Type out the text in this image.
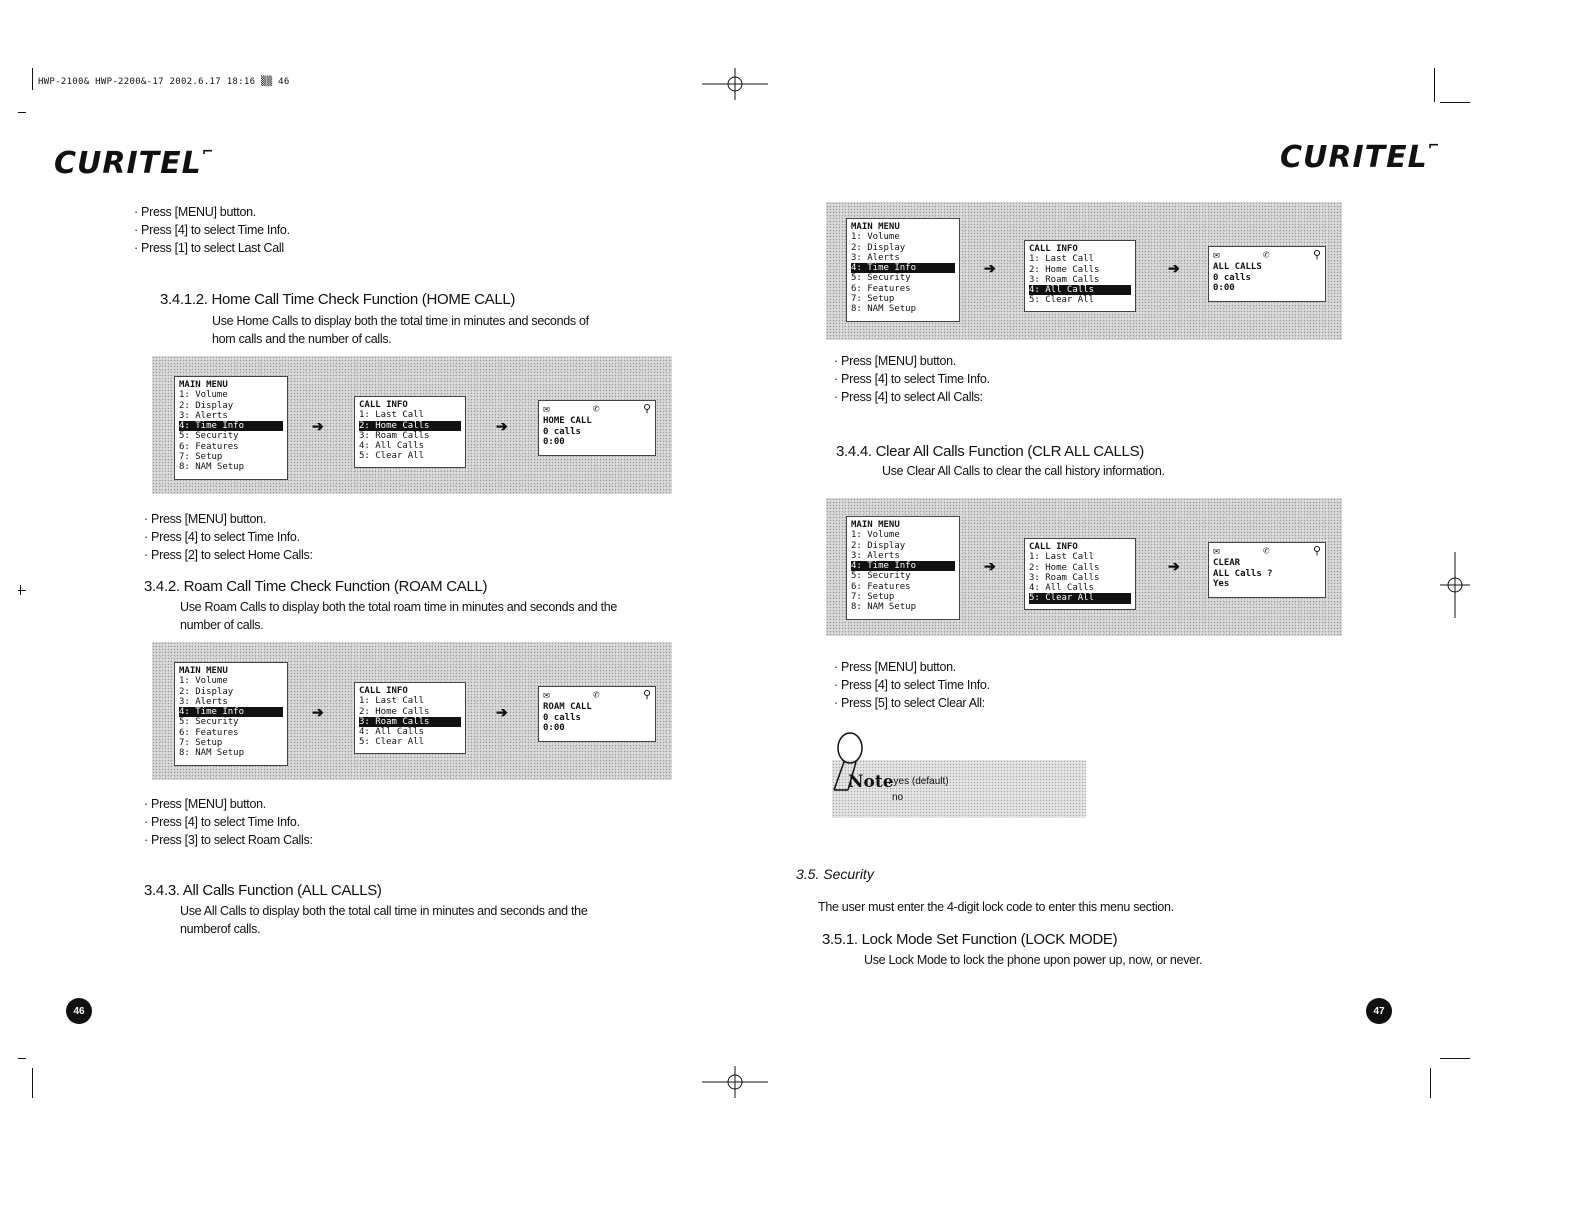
HWP-2100& HWP-2200&-17 2002.6.17 18:16 ▒▒ 46
CURITEL⌐	CURITEL⌐
· Press [MENU] button.
· Press [4] to select Time Info.
· Press [1] to select Last Call
3.4.1.2. Home Call Time Check Function (HOME CALL)
Use Home Calls to display both the total time in minutes and seconds of
hom calls and the number of calls.
MAIN MENU
1: Volume
2: Display
3: Alerts
4: Time Info
5: Security
6: Features
7: Setup
8: NAM Setup
➔
CALL INFO
1: Last Call
2: Home Calls
3: Roam Calls
4: All Calls
5: Clear All
➔
✉	✆	⚲
HOME CALL
0 calls
0:00
· Press [MENU] button.
· Press [4] to select Time Info.
· Press [2] to select Home Calls:
3.4.2. Roam Call Time Check Function (ROAM CALL)
Use Roam Calls to display both the total roam time in minutes and seconds and the
number of calls.
MAIN MENU
1: Volume
2: Display
3: Alerts
4: Time Info
5: Security
6: Features
7: Setup
8: NAM Setup
➔
CALL INFO
1: Last Call
2: Home Calls
3: Roam Calls
4: All Calls
5: Clear All
➔
✉	✆	⚲
ROAM CALL
0 calls
0:00
· Press [MENU] button.
· Press [4] to select Time Info.
· Press [3] to select Roam Calls:
3.4.3. All Calls Function (ALL CALLS)
Use All Calls to display both the total call time in minutes and seconds and the
numberof calls.
46
MAIN MENU
1: Volume
2: Display
3: Alerts
4: Time Info
5: Security
6: Features
7: Setup
8: NAM Setup
➔
CALL INFO
1: Last Call
2: Home Calls
3: Roam Calls
4: All Calls
5: Clear All
➔
✉	✆	⚲
ALL CALLS
0 calls
0:00
· Press [MENU] button.
· Press [4] to select Time Info.
· Press [4] to select All Calls:
3.4.4. Clear All Calls Function (CLR ALL CALLS)
Use Clear All Calls to clear the call history information.
MAIN MENU
1: Volume
2: Display
3: Alerts
4: Time Info
5: Security
6: Features
7: Setup
8: NAM Setup
➔
CALL INFO
1: Last Call
2: Home Calls
3: Roam Calls
4: All Calls
5: Clear All
➔
✉	✆	⚲
CLEAR
ALL Calls ?
Yes
· Press [MENU] button.
· Press [4] to select Time Info.
· Press [5] to select Clear All:
Note
: yes (default)
no
3.5. Security
The user must enter the 4-digit lock code to enter this menu section.
3.5.1. Lock Mode Set Function (LOCK MODE)
Use Lock Mode to lock the phone upon power up, now, or never.
47
